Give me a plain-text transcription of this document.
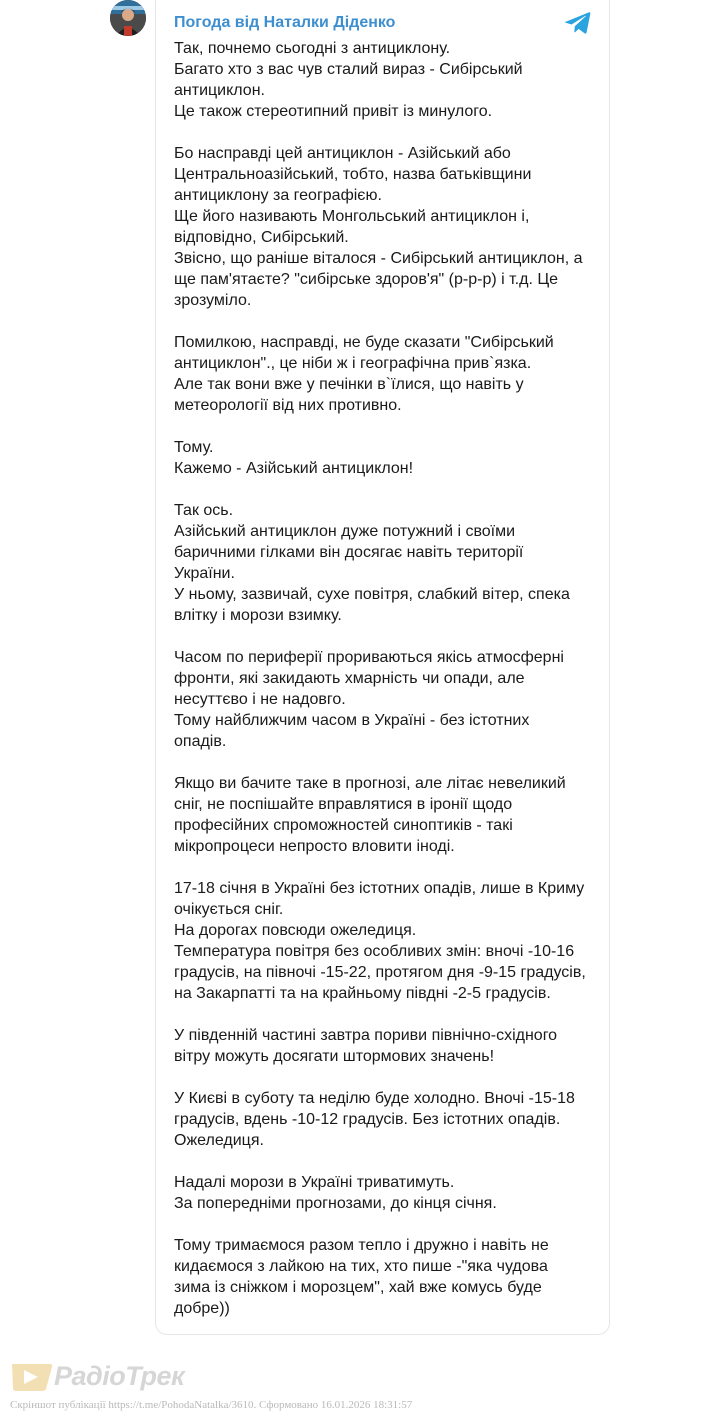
Погода від Наталки Діденко

Так, почнемо сьогодні з антициклону.
Багато хто з вас чув сталий вираз - Сибірський
антициклон.
Це також стереотипний привіт із минулого.

Бо насправді цей антициклон - Азійський або
Центральноазійський, тобто, назва батьківщини
антициклону за географією.
Ще його називають Монгольський антициклон і,
відповідно, Сибірський.
Звісно, що раніше віталося - Сибірський антициклон, а
ще пам'ятаєте? "сибірське здоров'я" (р-р-р) і т.д. Це
зрозуміло.

Помилкою, насправді, не буде сказати "Сибірський
антициклон"., це ніби ж і географічна прив`язка.
Але так вони вже у печінки в`їлися, що навіть у
метеорології від них противно.

Тому.
Кажемо - Азійський антициклон!

Так ось.
Азійський антициклон дуже потужний і своїми
баричними гілками він досягає навіть території
України.
У ньому, зазвичай, сухе повітря, слабкий вітер, спека
влітку і морози взимку.

Часом по периферії прориваються якісь атмосферні
фронти, які закидають хмарність чи опади, але
несуттєво і не надовго.
Тому найближчим часом в Україні - без істотних
опадів.

Якщо ви бачите таке в прогнозі, але літає невеликий
сніг, не поспішайте вправлятися в іронії щодо
професійних спроможностей синоптиків - такі
мікропроцеси непросто вловити іноді.

17-18 січня в Україні без істотних опадів, лише в Криму
очікується сніг.
На дорогах повсюди ожеледиця.
Температура повітря без особливих змін: вночі -10-16
градусів, на півночі -15-22, протягом дня -9-15 градусів,
на Закарпатті та на крайньому півдні -2-5 градусів.

У південній частині завтра пориви північно-східного
вітру можуть досягати штормових значень!

У Києві в суботу та неділю буде холодно. Вночі -15-18
градусів, вдень -10-12 градусів. Без істотних опадів.
Ожеледиця.

Надалі морози в Україні триватимуть.
За попередніми прогнозами, до кінця січня.

Тому тримаємося разом тепло і дружно і навіть не
кидаємося з лайкою на тих, хто пише -"яка чудова
зима із сніжком і морозцем", хай вже комусь буде
добре))

РадіоТрек
Скріншот публікації https://t.me/PohodaNatalka/3610. Сформовано 16.01.2026 18:31:57
